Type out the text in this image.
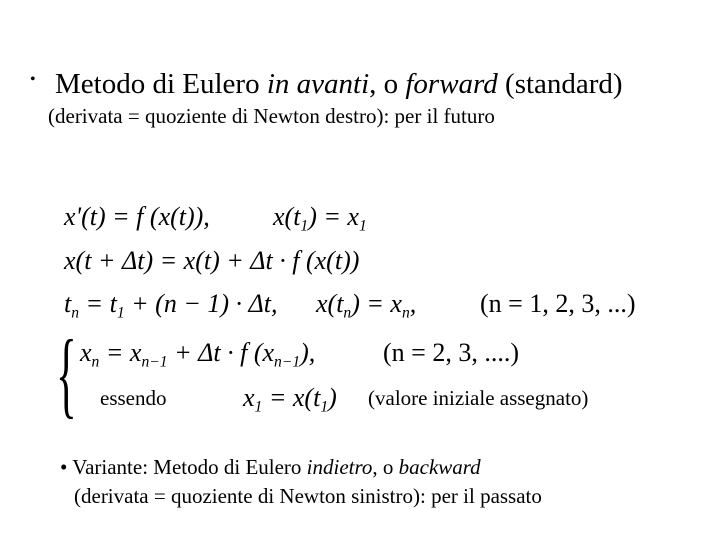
• Metodo di Eulero in avanti, o forward (standard)
(derivata = quoziente di Newton destro): per il futuro
x'(t) = f (x(t)), $x(t_1) = x_1$
x(t + Δt) = x(t) + Δt · f (x(t))
$t_n = t_1 + (n - 1) \cdot \Delta t$, $x(t_n) = x_n$, (n = 1, 2, 3, ...)
{ $x_n = x_{n-1} + \Delta t \cdot f$ $(x_{n-1})$,	(n = 2, 3, ....)
essendo	$x_1 = x(t_1)$ (valore iniziale assegnato)
• Variante: Metodo di Eulero indietro, o backward
(derivata = quoziente di Newton sinistro): per il passato
